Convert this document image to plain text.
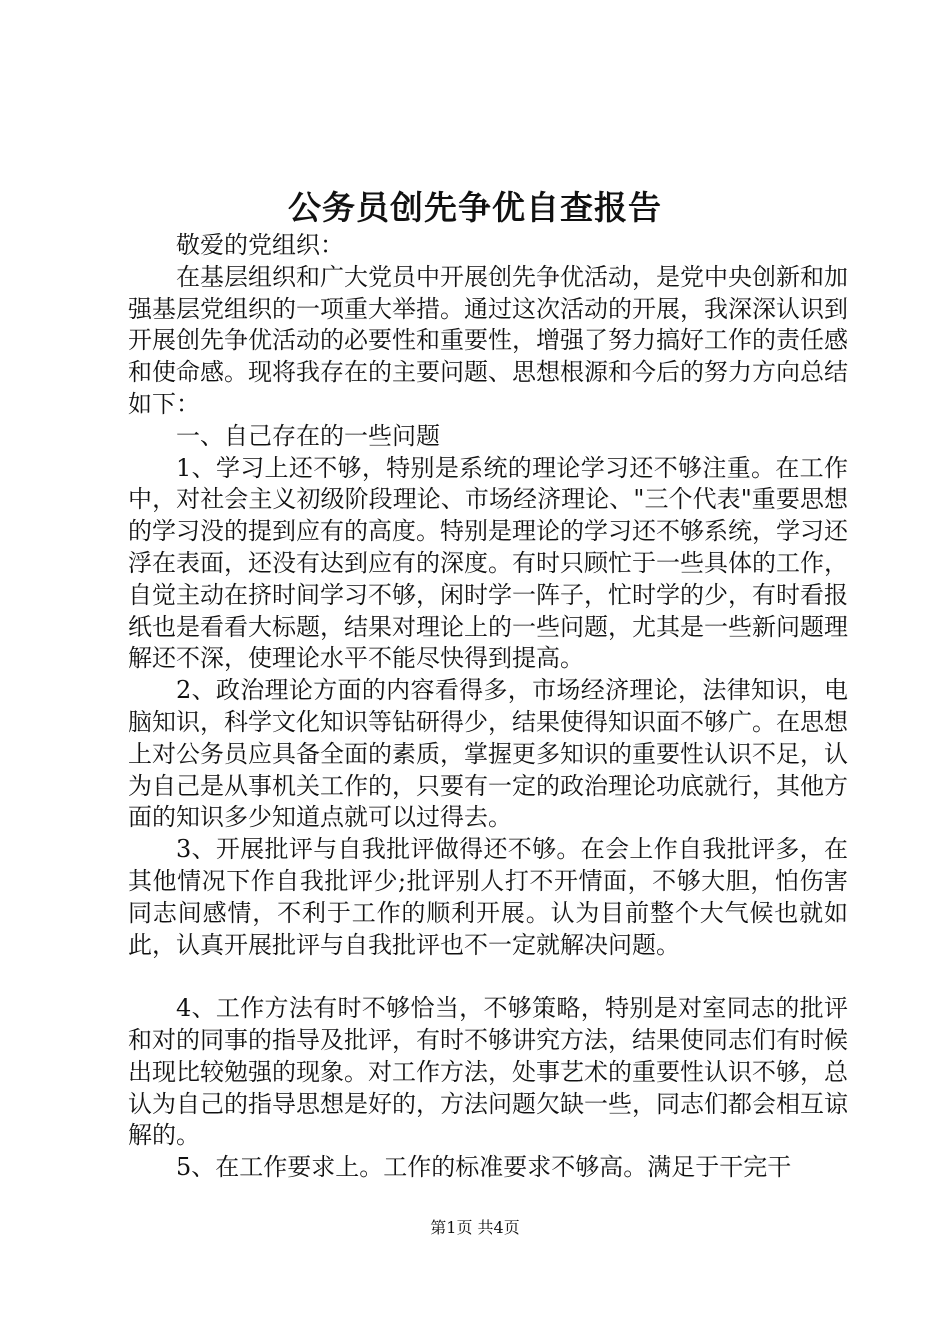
公务员创先争优自查报告

敬爱的党组织：

在基层组织和广大党员中开展创先争优活动，是党中央创新和加强基层党组织的一项重大举措。通过这次活动的开展，我深深认识到开展创先争优活动的必要性和重要性，增强了努力搞好工作的责任感和使命感。现将我存在的主要问题、思想根源和今后的努力方向总结如下：

一、自己存在的一些问题

1、学习上还不够，特别是系统的理论学习还不够注重。在工作中，对社会主义初级阶段理论、市场经济理论、"三个代表"重要思想的学习没的提到应有的高度。特别是理论的学习还不够系统，学习还浮在表面，还没有达到应有的深度。有时只顾忙于一些具体的工作，自觉主动在挤时间学习不够，闲时学一阵子，忙时学的少，有时看报纸也是看看大标题，结果对理论上的一些问题，尤其是一些新问题理解还不深，使理论水平不能尽快得到提高。

2、政治理论方面的内容看得多，市场经济理论，法律知识，电脑知识，科学文化知识等钻研得少，结果使得知识面不够广。在思想上对公务员应具备全面的素质，掌握更多知识的重要性认识不足，认为自己是从事机关工作的，只要有一定的政治理论功底就行，其他方面的知识多少知道点就可以过得去。

3、开展批评与自我批评做得还不够。在会上作自我批评多，在其他情况下作自我批评少;批评别人打不开情面，不够大胆，怕伤害同志间感情，不利于工作的顺利开展。认为目前整个大气候也就如此，认真开展批评与自我批评也不一定就解决问题。

4、工作方法有时不够恰当，不够策略，特别是对室同志的批评和对的同事的指导及批评，有时不够讲究方法，结果使同志们有时候出现比较勉强的现象。对工作方法，处事艺术的重要性认识不够，总认为自己的指导思想是好的，方法问题欠缺一些，同志们都会相互谅解的。

5、在工作要求上。工作的标准要求不够高。满足于干完干

第1页 共4页
